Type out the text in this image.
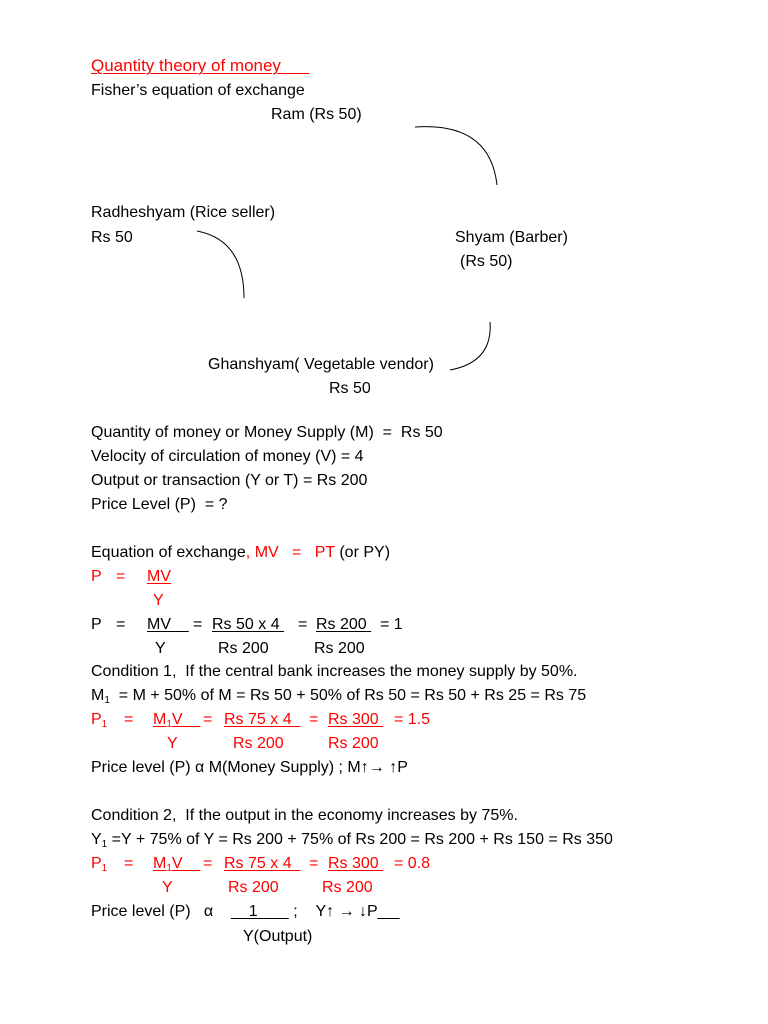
Quantity theory of money
Fisher’s equation of exchange
Ram (Rs 50)
Radheshyam (Rice seller)
Rs 50	Shyam (Barber)
(Rs 50)
Ghanshyam( Vegetable vendor)
Rs 50
Quantity of money or Money Supply (M)  =  Rs 50
Velocity of circulation of money (V) = 4
Output or transaction (Y or T) = Rs 200
Price Level (P)  = ?
Equation of exchange, MV = PT (or PY)
P = MV
Y
P = MV	= Rs 50 x 4 = Rs 200 = 1
Y	Rs 200	Rs 200
Condition 1,  If the central bank increases the money supply by 50%.
$M_1 = M + 50\%$ of M = Rs 50 + 50% of Rs 50 = Rs 50 + Rs 25 = Rs 75
$P_1 = M_1V$	= Rs 75 x 4	= Rs 300 = 1.5
Y	Rs 200	Rs 200
Price level (P) α M(Money Supply) ; M↑→ ↑P
Condition 2,  If the output in the economy increases by 75%.
$Y_1 =Y + 75\%$ of Y = Rs 200 + 75% of Rs 200 = Rs 200 + Rs 150 = Rs 350
$P_1 = M_1V$	= Rs 75 x 4	= Rs 300 = 0.8
Y	Rs 200	Rs 200
Price level (P)   α 1 ; Y↑ → ↓P
Y(Output)
